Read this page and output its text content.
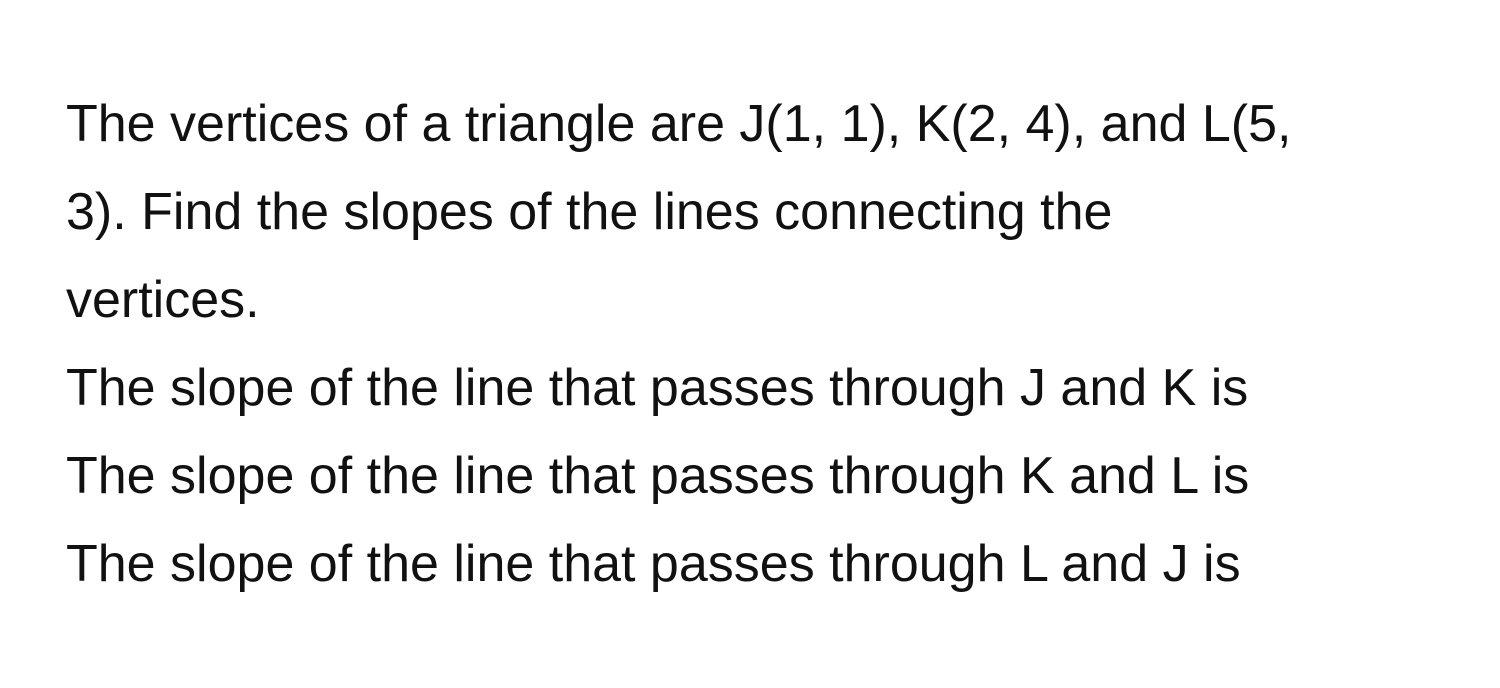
The vertices of a triangle are J(1, 1), K(2, 4), and L(5,
3). Find the slopes of the lines connecting the
vertices.
The slope of the line that passes through J and K is
The slope of the line that passes through K and L is
The slope of the line that passes through L and J is
